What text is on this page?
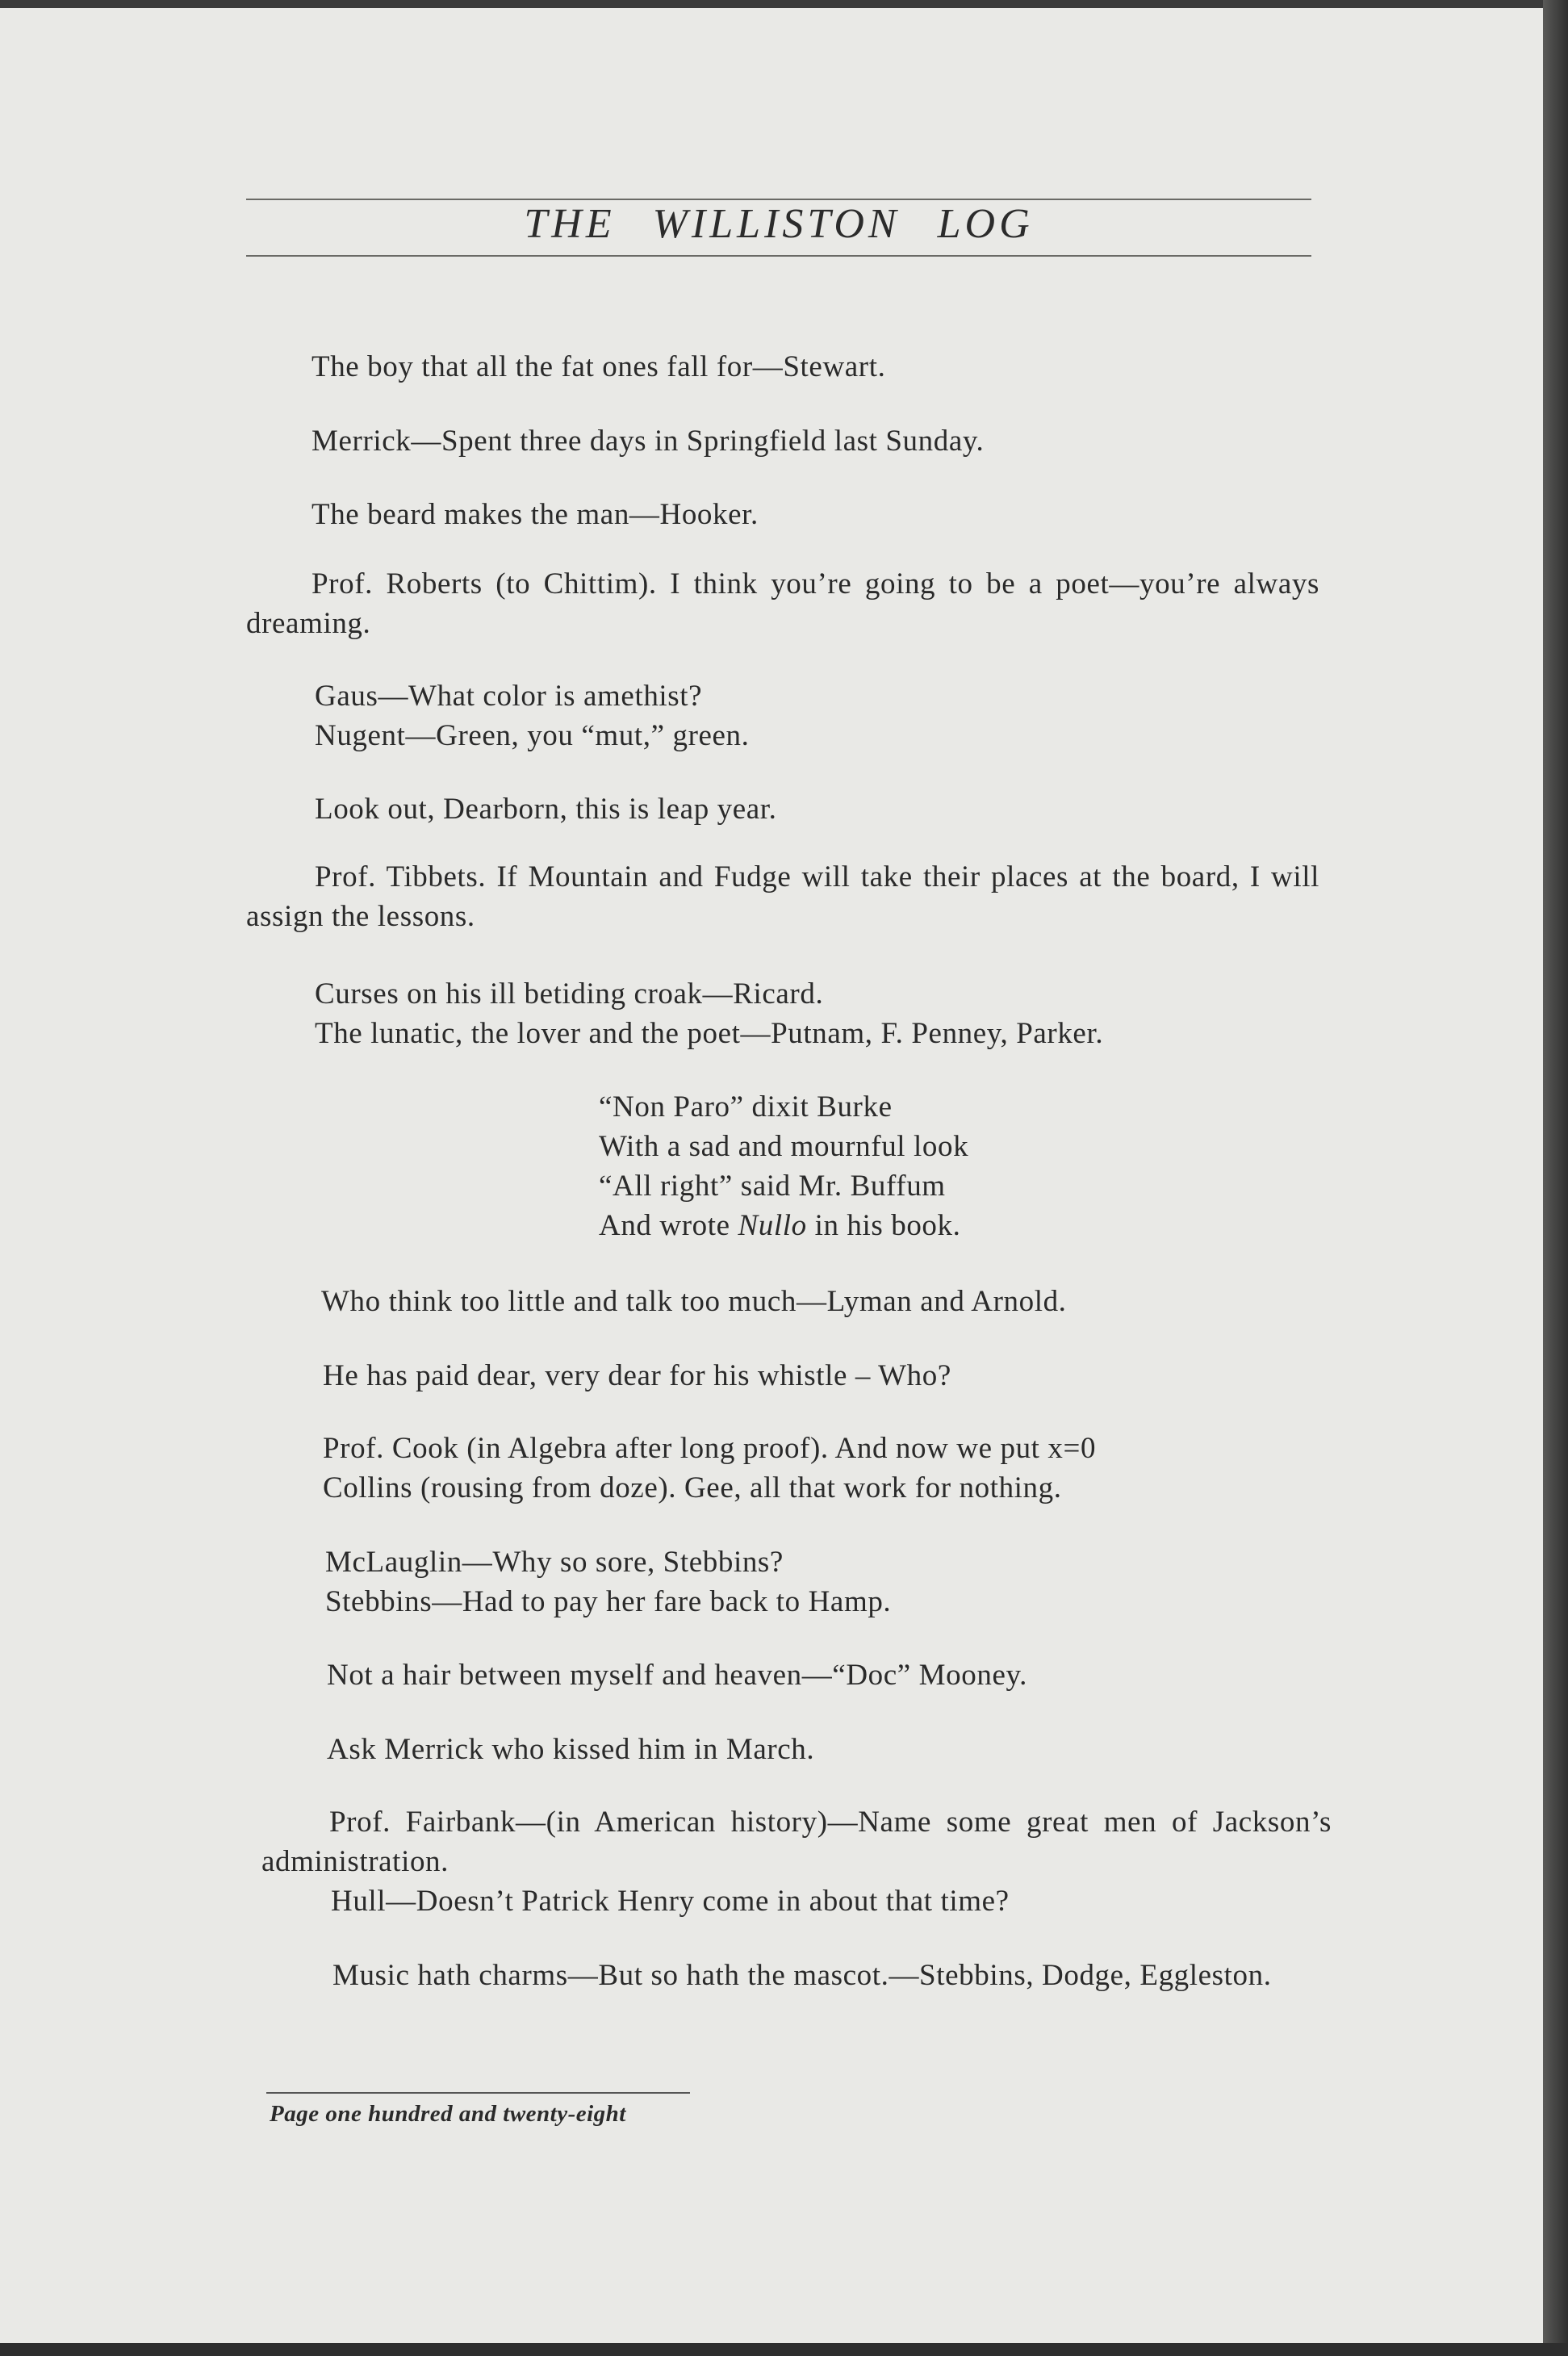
THE WILLISTON LOG
The boy that all the fat ones fall for—Stewart.
Merrick—Spent three days in Springfield last Sunday.
The beard makes the man—Hooker.
Prof. Roberts (to Chittim). I think you’re going to be a poet—you’re always dreaming.
Gaus—What color is amethist?
Nugent—Green, you “mut,” green.
Look out, Dearborn, this is leap year.
Prof. Tibbets. If Mountain and Fudge will take their places at the board, I will assign the lessons.
Curses on his ill betiding croak—Ricard.
The lunatic, the lover and the poet—Putnam, F. Penney, Parker.
“Non Paro” dixit Burke
With a sad and mournful look
“All right” said Mr. Buffum
And wrote Nullo in his book.
Who think too little and talk too much—Lyman and Arnold.
He has paid dear, very dear for his whistle – Who?
Prof. Cook (in Algebra after long proof). And now we put x=0
Collins (rousing from doze). Gee, all that work for nothing.
McLauglin—Why so sore, Stebbins?
Stebbins—Had to pay her fare back to Hamp.
Not a hair between myself and heaven—“Doc” Mooney.
Ask Merrick who kissed him in March.
Prof. Fairbank—(in American history)—Name some great men of Jackson’s administration.
Hull—Doesn’t Patrick Henry come in about that time?
Music hath charms—But so hath the mascot.—Stebbins, Dodge, Eggleston.
Page one hundred and twenty-eight
